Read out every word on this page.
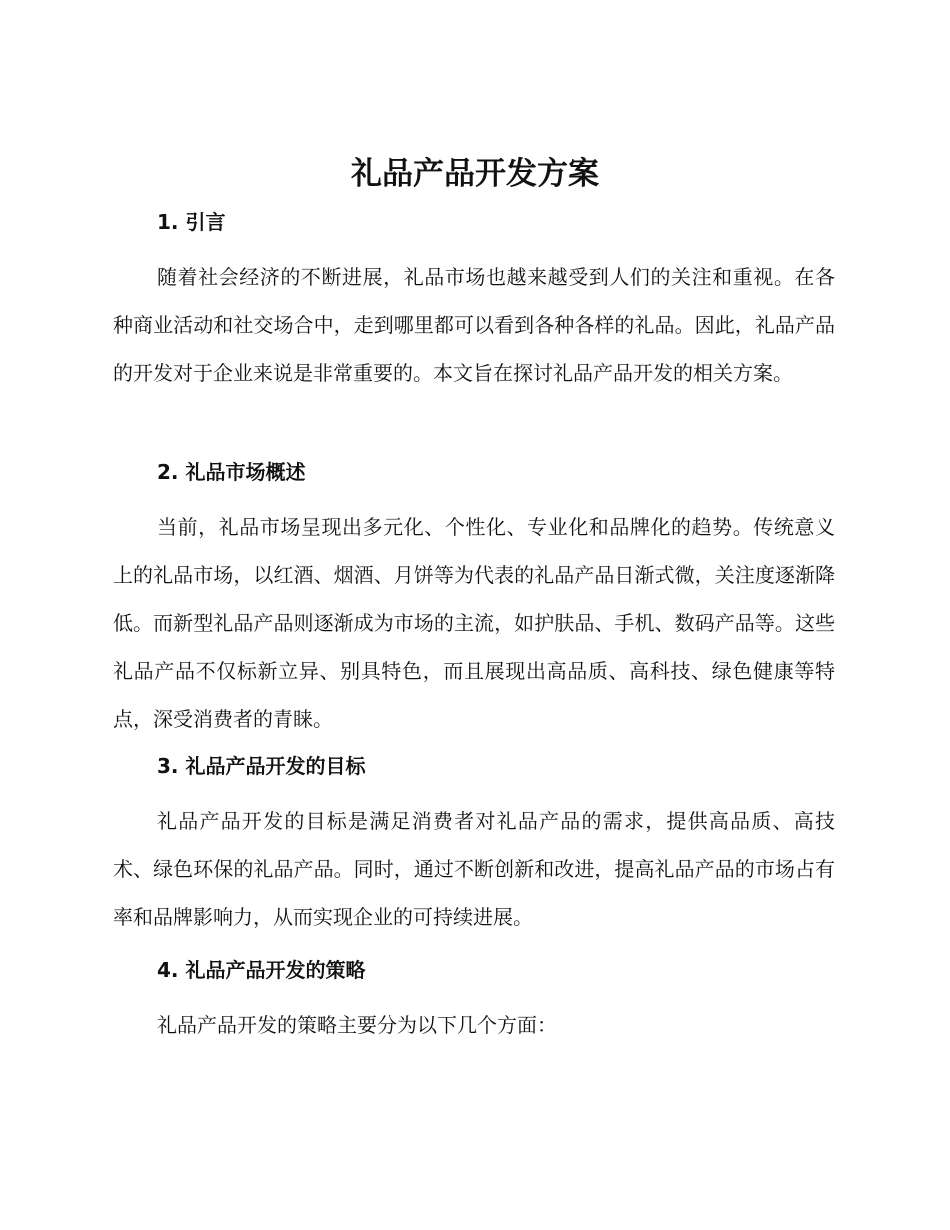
礼品产品开发方案
1. 引言

随着社会经济的不断进展，礼品市场也越来越受到人们的关注和重视。在各种商业活动和社交场合中，走到哪里都可以看到各种各样的礼品。因此，礼品产品的开发对于企业来说是非常重要的。本文旨在探讨礼品产品开发的相关方案。

2. 礼品市场概述

当前，礼品市场呈现出多元化、个性化、专业化和品牌化的趋势。传统意义上的礼品市场，以红酒、烟酒、月饼等为代表的礼品产品日渐式微，关注度逐渐降低。而新型礼品产品则逐渐成为市场的主流，如护肤品、手机、数码产品等。这些礼品产品不仅标新立异、别具特色，而且展现出高品质、高科技、绿色健康等特点，深受消费者的青睐。

3. 礼品产品开发的目标

礼品产品开发的目标是满足消费者对礼品产品的需求，提供高品质、高技术、绿色环保的礼品产品。同时，通过不断创新和改进，提高礼品产品的市场占有率和品牌影响力，从而实现企业的可持续进展。

4. 礼品产品开发的策略

礼品产品开发的策略主要分为以下几个方面：
